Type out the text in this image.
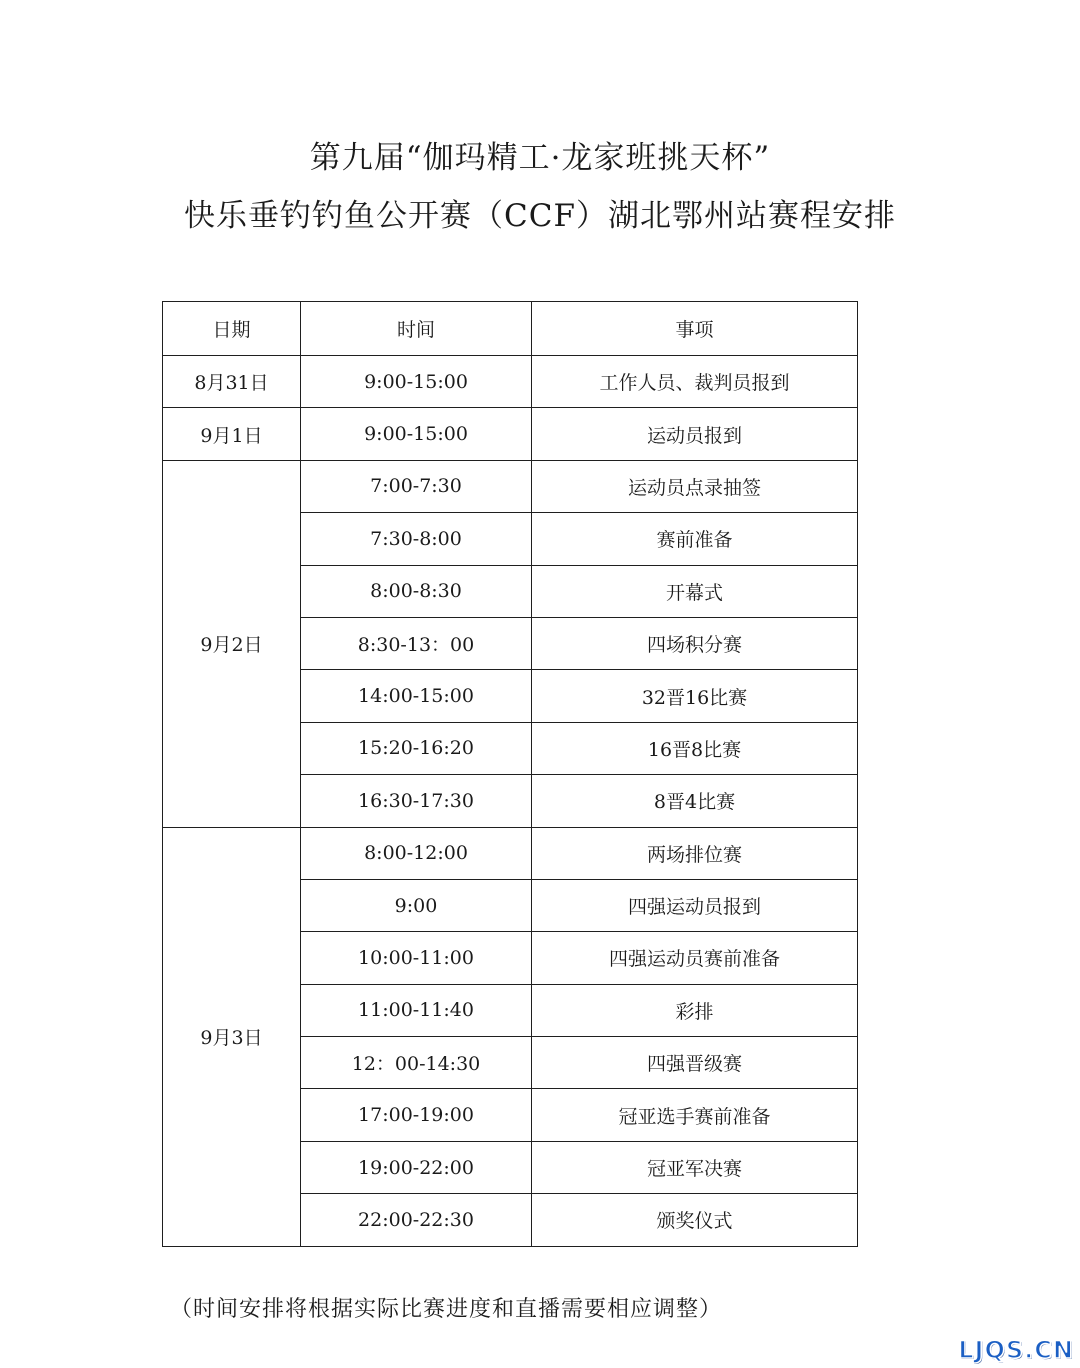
第九届“伽玛精工·龙家班挑天杯”
快乐垂钓钓鱼公开赛（CCF）湖北鄂州站赛程安排
日期	时间	事项
8月31日	9:00-15:00	工作人员、裁判员报到
9月1日	9:00-15:00	运动员报到
9月2日	7:00-7:30	运动员点录抽签
	7:30-8:00	赛前准备
	8:00-8:30	开幕式
	8:30-13：00	四场积分赛
	14:00-15:00	32晋16比赛
	15:20-16:20	16晋8比赛
	16:30-17:30	8晋4比赛
9月3日	8:00-12:00	两场排位赛
	9:00	四强运动员报到
	10:00-11:00	四强运动员赛前准备
	11:00-11:40	彩排
	12：00-14:30	四强晋级赛
	17:00-19:00	冠亚选手赛前准备
	19:00-22:00	冠亚军决赛
	22:00-22:30	颁奖仪式
（时间安排将根据实际比赛进度和直播需要相应调整）
LJQS.CN
